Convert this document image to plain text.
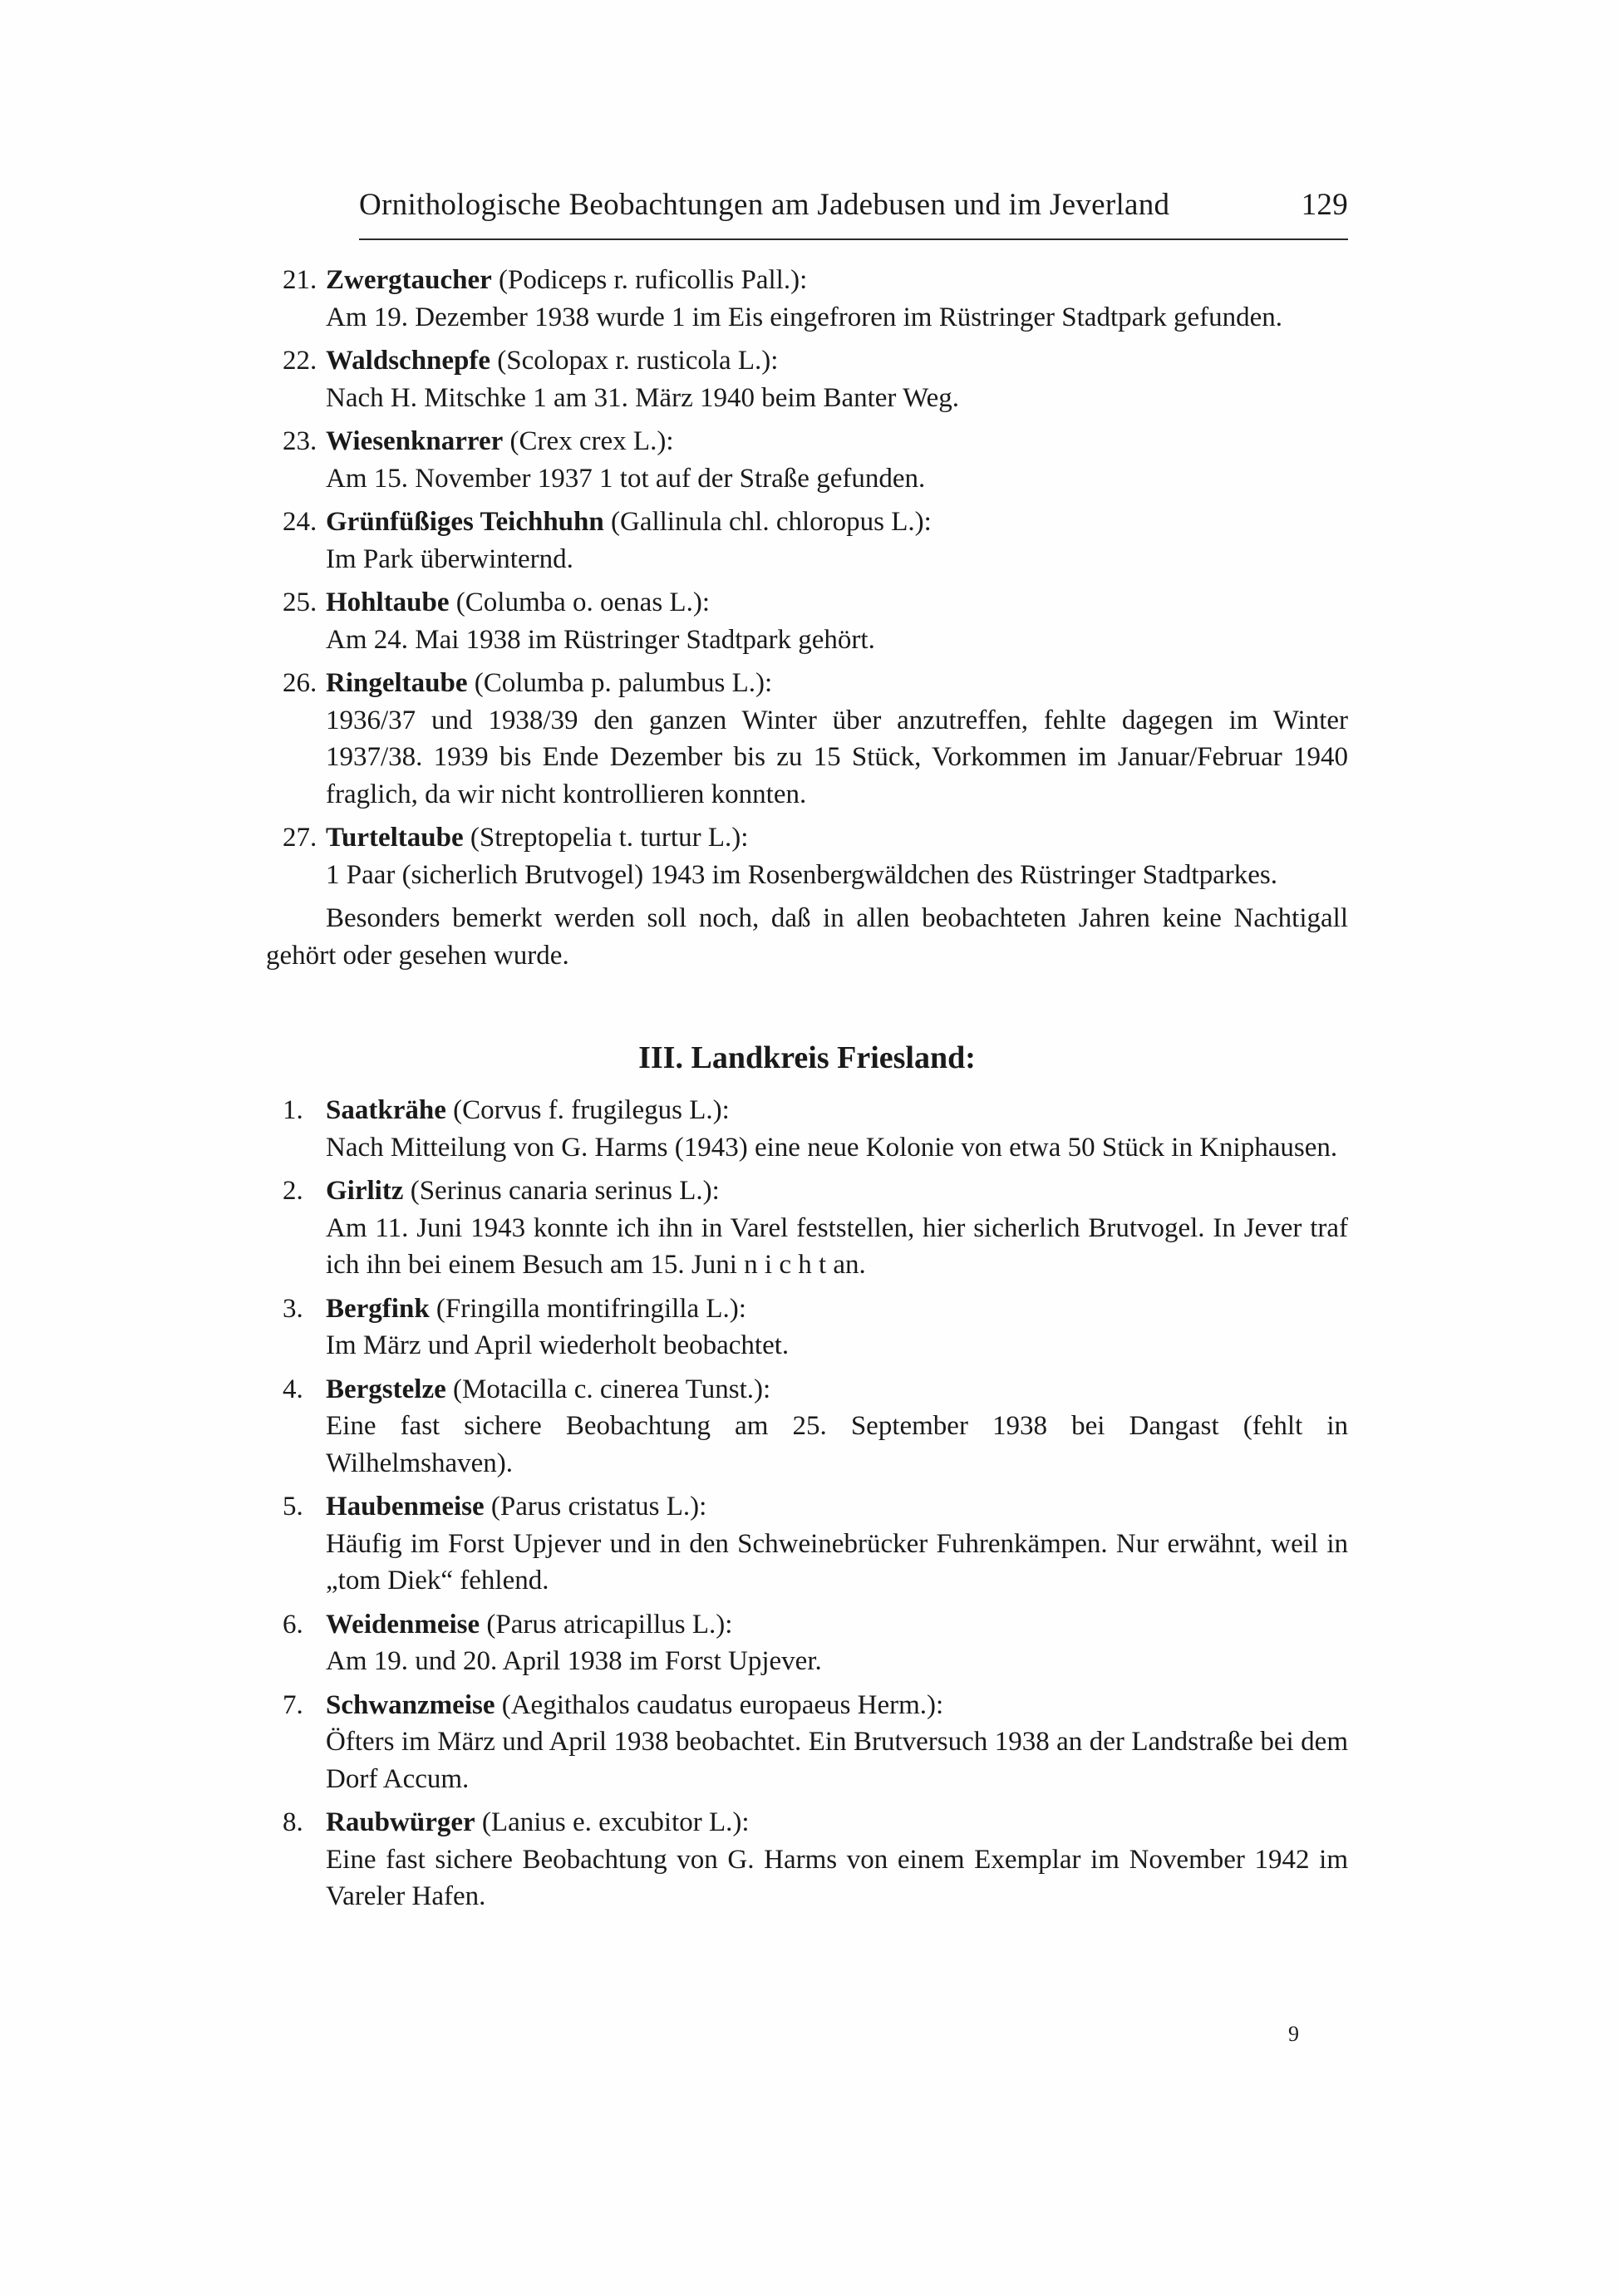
Ornithologische Beobachtungen am Jadebusen und im Jeverland	129
21. Zwergtaucher (Podiceps r. ruficollis Pall.):
Am 19. Dezember 1938 wurde 1 im Eis eingefroren im Rüstringer Stadtpark gefunden.
22. Waldschnepfe (Scolopax r. rusticola L.):
Nach H. Mitschke 1 am 31. März 1940 beim Banter Weg.
23. Wiesenknarrer (Crex crex L.):
Am 15. November 1937 1 tot auf der Straße gefunden.
24. Grünfüßiges Teichhuhn (Gallinula chl. chloropus L.):
Im Park überwinternd.
25. Hohltaube (Columba o. oenas L.):
Am 24. Mai 1938 im Rüstringer Stadtpark gehört.
26. Ringeltaube (Columba p. palumbus L.):
1936/37 und 1938/39 den ganzen Winter über anzutreffen, fehlte dagegen im Winter 1937/38. 1939 bis Ende Dezember bis zu 15 Stück, Vorkommen im Januar/Februar 1940 fraglich, da wir nicht kontrollieren konnten.
27. Turteltaube (Streptopelia t. turtur L.):
1 Paar (sicherlich Brutvogel) 1943 im Rosenbergwäldchen des Rüstringer Stadtparkes.

Besonders bemerkt werden soll noch, daß in allen beobachteten Jahren keine Nachtigall gehört oder gesehen wurde.

III. Landkreis Friesland:
1. Saatkrähe (Corvus f. frugilegus L.):
Nach Mitteilung von G. Harms (1943) eine neue Kolonie von etwa 50 Stück in Kniphausen.
2. Girlitz (Serinus canaria serinus L.):
Am 11. Juni 1943 konnte ich ihn in Varel feststellen, hier sicherlich Brutvogel. In Jever traf ich ihn bei einem Besuch am 15. Juni n i c h t an.
3. Bergfink (Fringilla montifringilla L.):
Im März und April wiederholt beobachtet.
4. Bergstelze (Motacilla c. cinerea Tunst.):
Eine fast sichere Beobachtung am 25. September 1938 bei Dangast (fehlt in Wilhelmshaven).
5. Haubenmeise (Parus cristatus L.):
Häufig im Forst Upjever und in den Schweinebrücker Fuhrenkämpen. Nur erwähnt, weil in „tom Diek“ fehlend.
6. Weidenmeise (Parus atricapillus L.):
Am 19. und 20. April 1938 im Forst Upjever.
7. Schwanzmeise (Aegithalos caudatus europaeus Herm.):
Öfters im März und April 1938 beobachtet. Ein Brutversuch 1938 an der Landstraße bei dem Dorf Accum.
8. Raubwürger (Lanius e. excubitor L.):
Eine fast sichere Beobachtung von G. Harms von einem Exemplar im November 1942 im Vareler Hafen.
9
